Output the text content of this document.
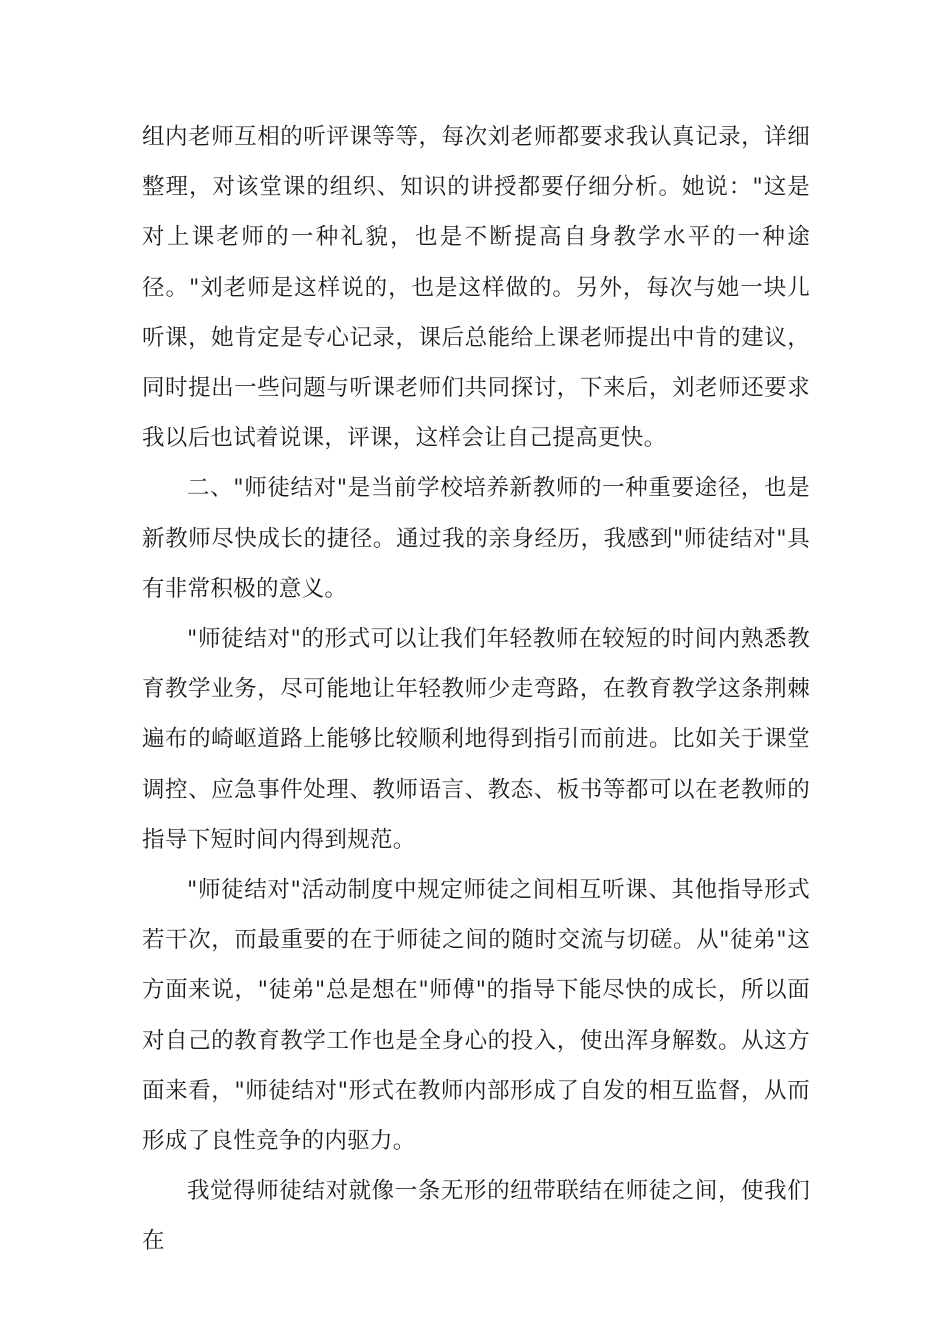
组内老师互相的听评课等等，每次刘老师都要求我认真记录，详细整理，对该堂课的组织、知识的讲授都要仔细分析。她说："这是对上课老师的一种礼貌，也是不断提高自身教学水平的一种途径。"刘老师是这样说的，也是这样做的。另外，每次与她一块儿听课，她肯定是专心记录，课后总能给上课老师提出中肯的建议，同时提出一些问题与听课老师们共同探讨，下来后，刘老师还要求我以后也试着说课，评课，这样会让自己提高更快。

二、"师徒结对"是当前学校培养新教师的一种重要途径，也是新教师尽快成长的捷径。通过我的亲身经历，我感到"师徒结对"具有非常积极的意义。

"师徒结对"的形式可以让我们年轻教师在较短的时间内熟悉教育教学业务，尽可能地让年轻教师少走弯路，在教育教学这条荆棘遍布的崎岖道路上能够比较顺利地得到指引而前进。比如关于课堂调控、应急事件处理、教师语言、教态、板书等都可以在老教师的指导下短时间内得到规范。

"师徒结对"活动制度中规定师徒之间相互听课、其他指导形式若干次，而最重要的在于师徒之间的随时交流与切磋。从"徒弟"这方面来说，"徒弟"总是想在"师傅"的指导下能尽快的成长，所以面对自己的教育教学工作也是全身心的投入，使出浑身解数。从这方面来看，"师徒结对"形式在教师内部形成了自发的相互监督，从而形成了良性竞争的内驱力。

我觉得师徒结对就像一条无形的纽带联结在师徒之间，使我们在
